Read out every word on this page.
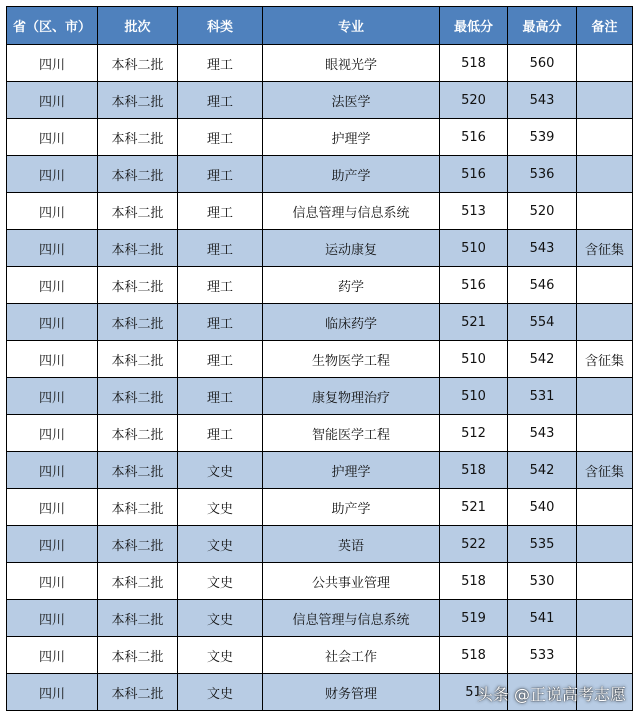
省（区、市）	批次	科类	专业	最低分	最高分	备注
四川	本科二批	理工	眼视光学	518	560	
四川	本科二批	理工	法医学	520	543	
四川	本科二批	理工	护理学	516	539	
四川	本科二批	理工	助产学	516	536	
四川	本科二批	理工	信息管理与信息系统	513	520	
四川	本科二批	理工	运动康复	510	543	含征集
四川	本科二批	理工	药学	516	546	
四川	本科二批	理工	临床药学	521	554	
四川	本科二批	理工	生物医学工程	510	542	含征集
四川	本科二批	理工	康复物理治疗	510	531	
四川	本科二批	理工	智能医学工程	512	543	
四川	本科二批	文史	护理学	518	542	含征集
四川	本科二批	文史	助产学	521	540	
四川	本科二批	文史	英语	522	535	
四川	本科二批	文史	公共事业管理	518	530	
四川	本科二批	文史	信息管理与信息系统	519	541	
四川	本科二批	文史	社会工作	518	533	
四川	本科二批	文史	财务管理	51		
头条 @正说高考志愿
